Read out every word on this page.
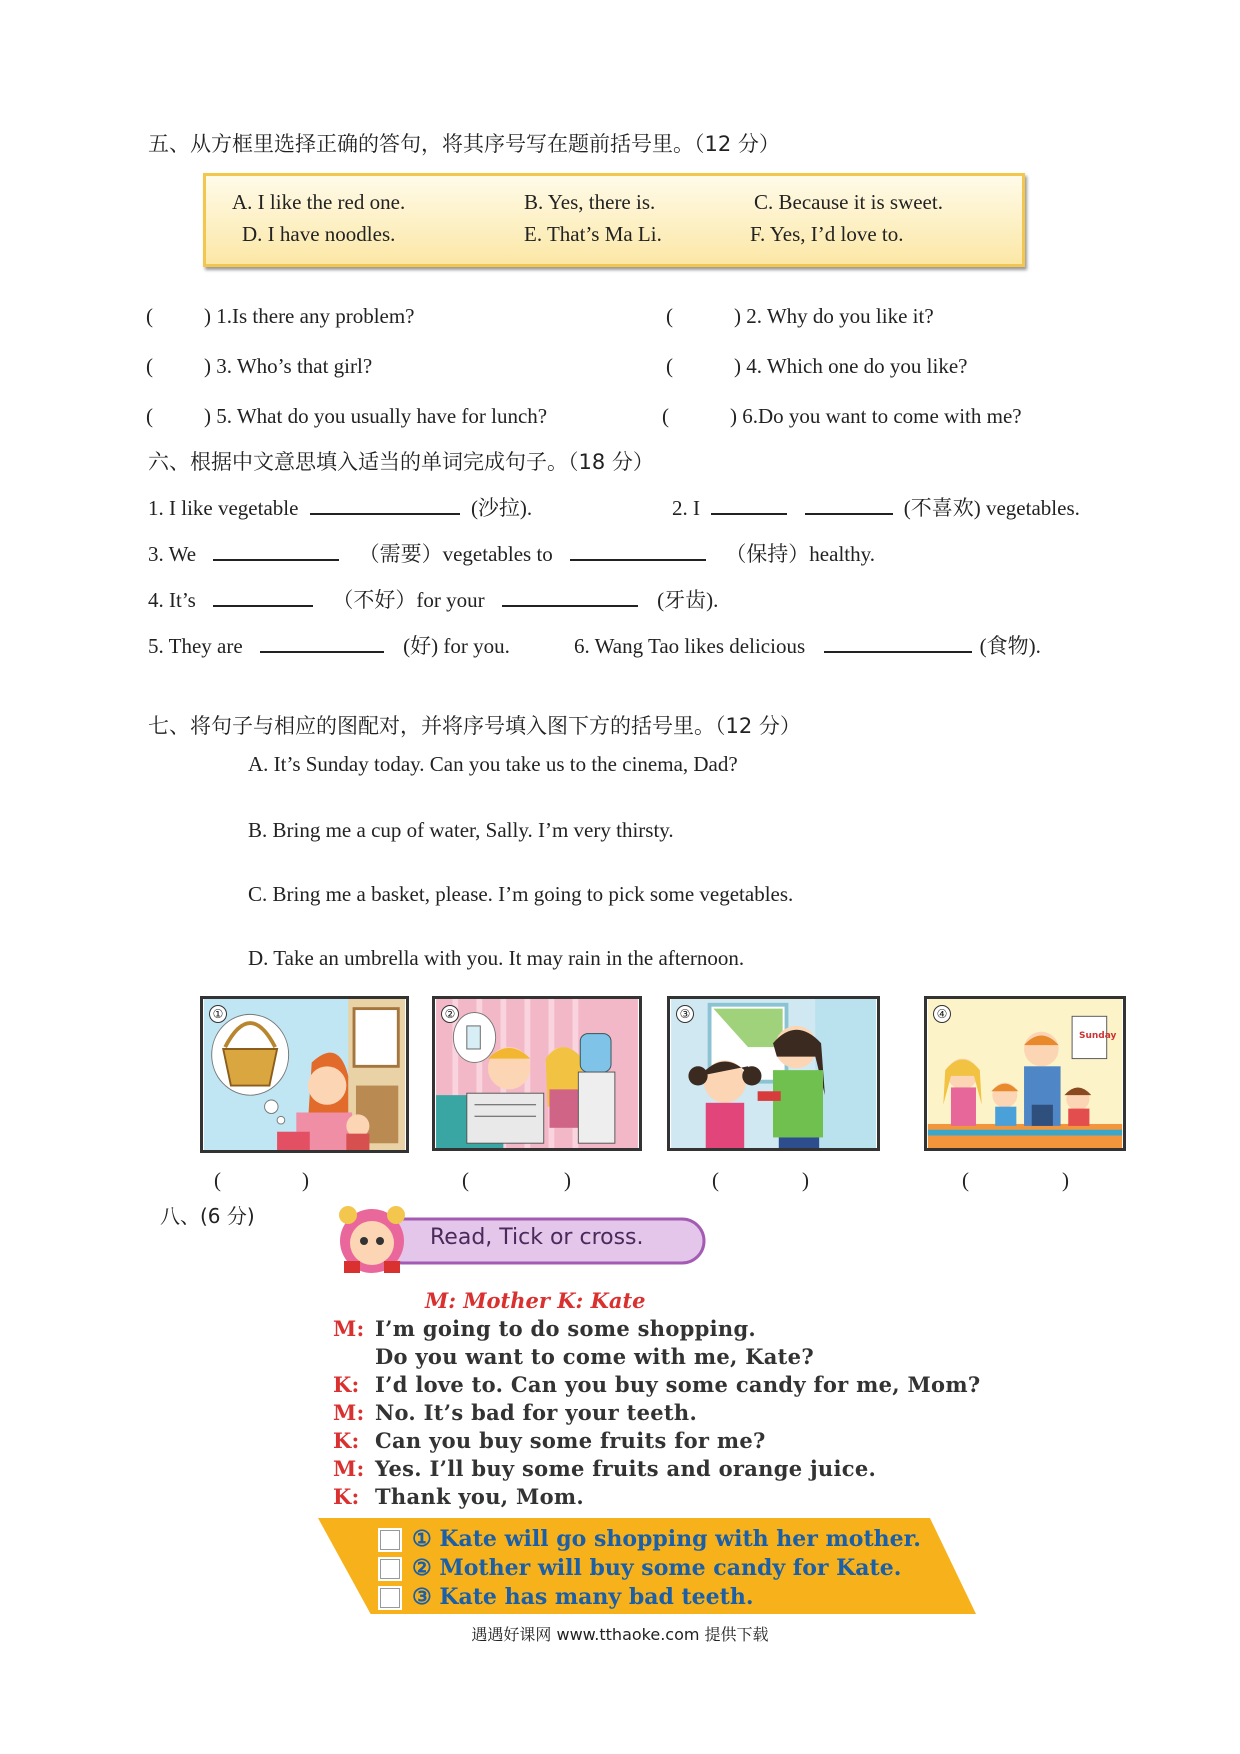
五、从方框里选择正确的答句，将其序号写在题前括号里。（12 分）
A. I like the red one.	B. Yes, there is.	C. Because it is sweet.
D. I have noodles.	E. That’s Ma Li.	F. Yes, I’d love to.
( ) 1.Is there any problem?	(	) 2. Why do you like it?
( ) 3. Who’s that girl?	(	) 4. Which one do you like?
( ) 5. What do you usually have for lunch?	(	) 6.Do you want to come with me?
六、根据中文意思填入适当的单词完成句子。（18 分）
1. I like vegetable	(沙拉).	2. I	(不喜欢) vegetables.
3. We	（需要）vegetables to	（保持）healthy.
4. It’s	（不好）for your	(牙齿).
5. They are	(好) for you.	6. Wang Tao likes delicious	(食物).
七、将句子与相应的图配对，并将序号填入图下方的括号里。（12 分）
A. It’s Sunday today. Can you take us to the cinema, Dad?
B. Bring me a cup of water, Sally. I’m very thirsty.
C. Bring me a basket, please. I’m going to pick some vegetables.
D. Take an umbrella with you. It may rain in the afternoon.
①	②	③
Sunday
④
(	)	(	)	(	)	(	)
八、(6 分)
Read, Tick or cross.
M: Mother K: Kate
M: I’m going to do some shopping.
Do you want to come with me, Kate?
K: I’d love to. Can you buy some candy for me, Mom?
M: No. It’s bad for your teeth.
K: Can you buy some fruits for me?
M: Yes. I’ll buy some fruits and orange juice.
K: Thank you, Mom.
① Kate will go shopping with her mother.
② Mother will buy some candy for Kate.
③ Kate has many bad teeth.
遇遇好课网 www.tthaoke.com 提供下载
